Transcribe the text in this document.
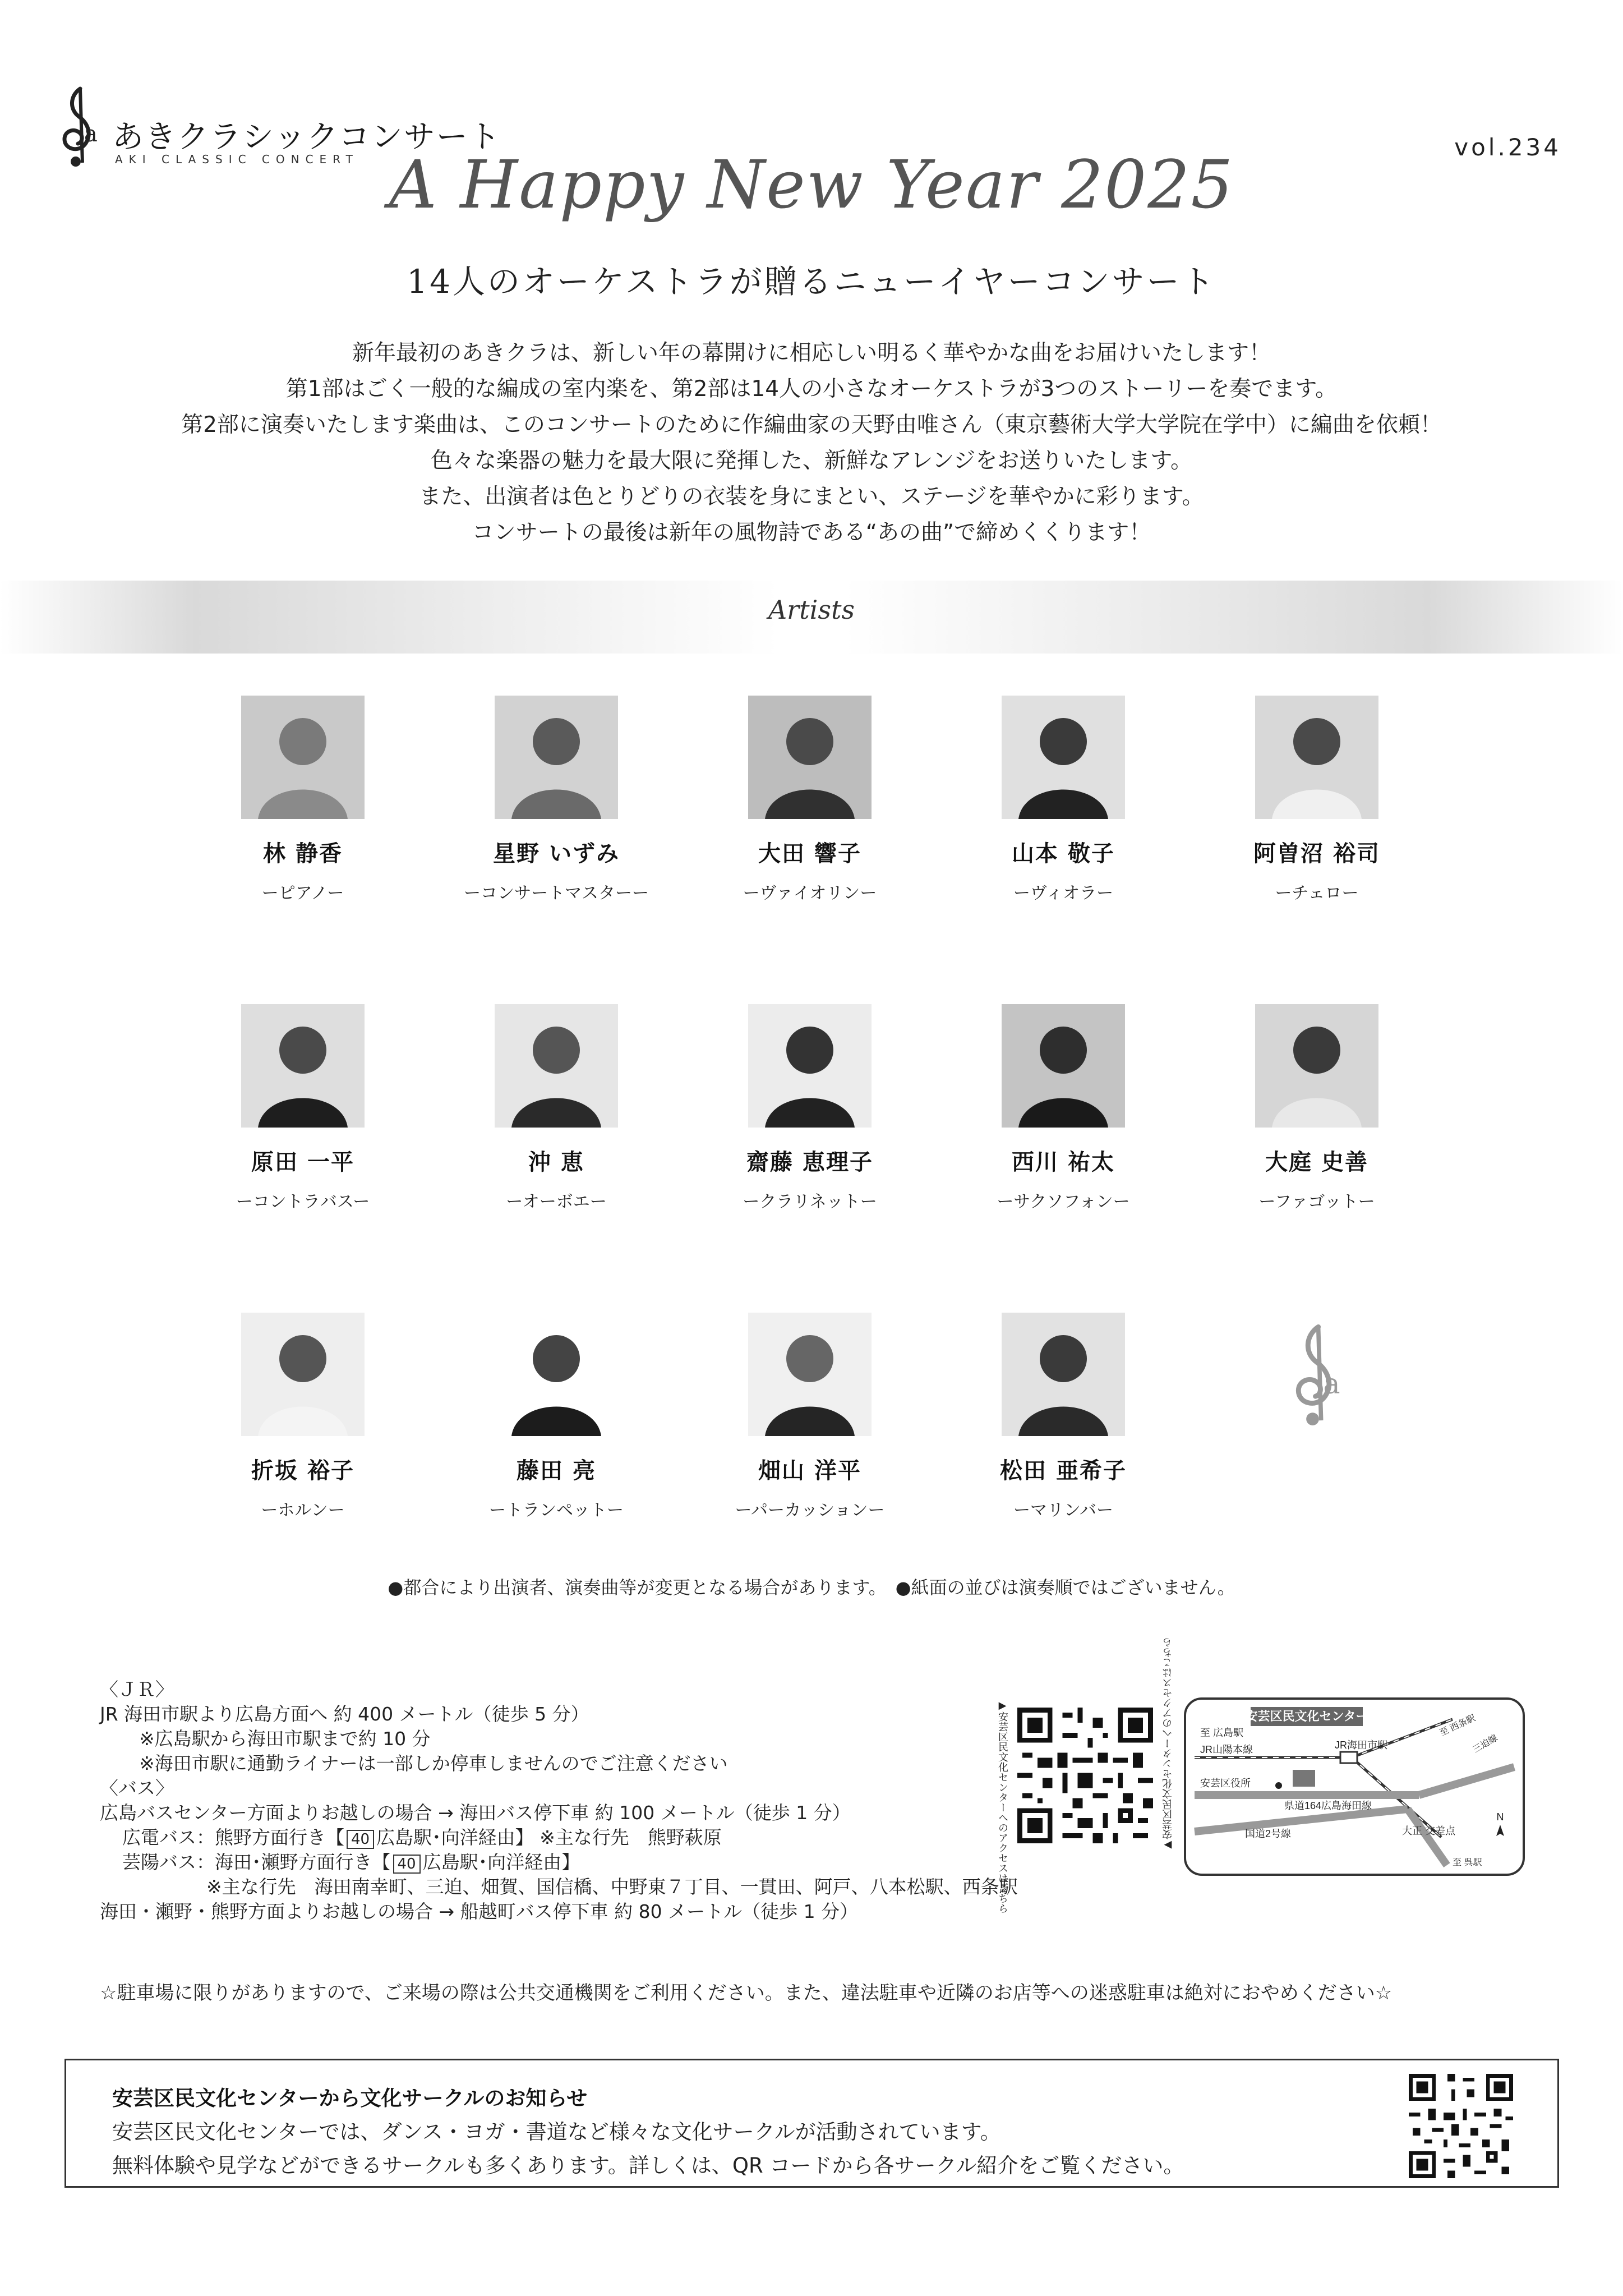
a あきクラシックコンサート
AKI CLASSIC CONCERT	vol.234
A Happy New Year 2025
14人のオーケストラが贈るニューイヤーコンサート
新年最初のあきクラは、新しい年の幕開けに相応しい明るく華やかな曲をお届けいたします！
第1部はごく一般的な編成の室内楽を、第2部は14人の小さなオーケストラが3つのストーリーを奏でます。
第2部に演奏いたします楽曲は、このコンサートのために作編曲家の天野由唯さん（東京藝術大学大学院在学中）に編曲を依頼！
色々な楽器の魅力を最大限に発揮した、新鮮なアレンジをお送りいたします。
また、出演者は色とりどりの衣装を身にまとい、ステージを華やかに彩ります。
コンサートの最後は新年の風物詩である“あの曲”で締めくくります！
Artists
林 静香
ーピアノー
星野 いずみ
ーコンサートマスターー
大田 響子
ーヴァイオリンー
山本 敬子
ーヴィオラー
阿曽沼 裕司
ーチェロー
原田 一平
ーコントラバスー
沖 恵
ーオーボエー
齋藤 恵理子
ークラリネットー
西川 祐太
ーサクソフォンー
大庭 史善
ーファゴットー
折坂 裕子
ーホルンー
藤田 亮
ートランペットー
畑山 洋平
ーパーカッションー
松田 亜希子
ーマリンバー
a
●都合により出演者、演奏曲等が変更となる場合があります。　●紙面の並びは演奏順ではございません。
〈ＪＲ〉
JR 海田市駅より広島方面へ 約 400 メートル（徒歩 5 分）
※広島駅から海田市駅まで約 10 分
※海田市駅に通勤ライナーは一部しか停車しませんのでご注意ください
〈バス〉
広島バスセンター方面よりお越しの場合 → 海田バス停下車 約 100 メートル（徒歩 1 分）
広電バス：熊野方面行き【 40 広島駅･向洋経由】 ※主な行先　熊野萩原
芸陽バス：海田･瀬野方面行き【 40 広島駅･向洋経由】
※主な行先　海田南幸町、三迫、畑賀、国信橋、中野東７丁目、一貫田、阿戸、八本松駅、西条駅
海田・瀬野・熊野方面よりお越しの場合 → 船越町バス停下車 約 80 メートル（徒歩 1 分）	▶安芸区民文化センターへのアクセスはこちら	▶安芸区民文化センターへのアクセスはこちら	安芸区民文化センター
至 広島駅
JR山陽本線	JR海田市駅
至 西条駅
三迫線
安芸区役所
県道164広島海田線
国道2号線	大正 交差点
至 呉駅
N
☆駐車場に限りがありますので、ご来場の際は公共交通機関をご利用ください。また、違法駐車や近隣のお店等への迷惑駐車は絶対におやめください☆
安芸区民文化センターから文化サークルのお知らせ
安芸区民文化センターでは、ダンス・ヨガ・書道など様々な文化サークルが活動されています。
無料体験や見学などができるサークルも多くあります。詳しくは、QR コードから各サークル紹介をご覧ください。
